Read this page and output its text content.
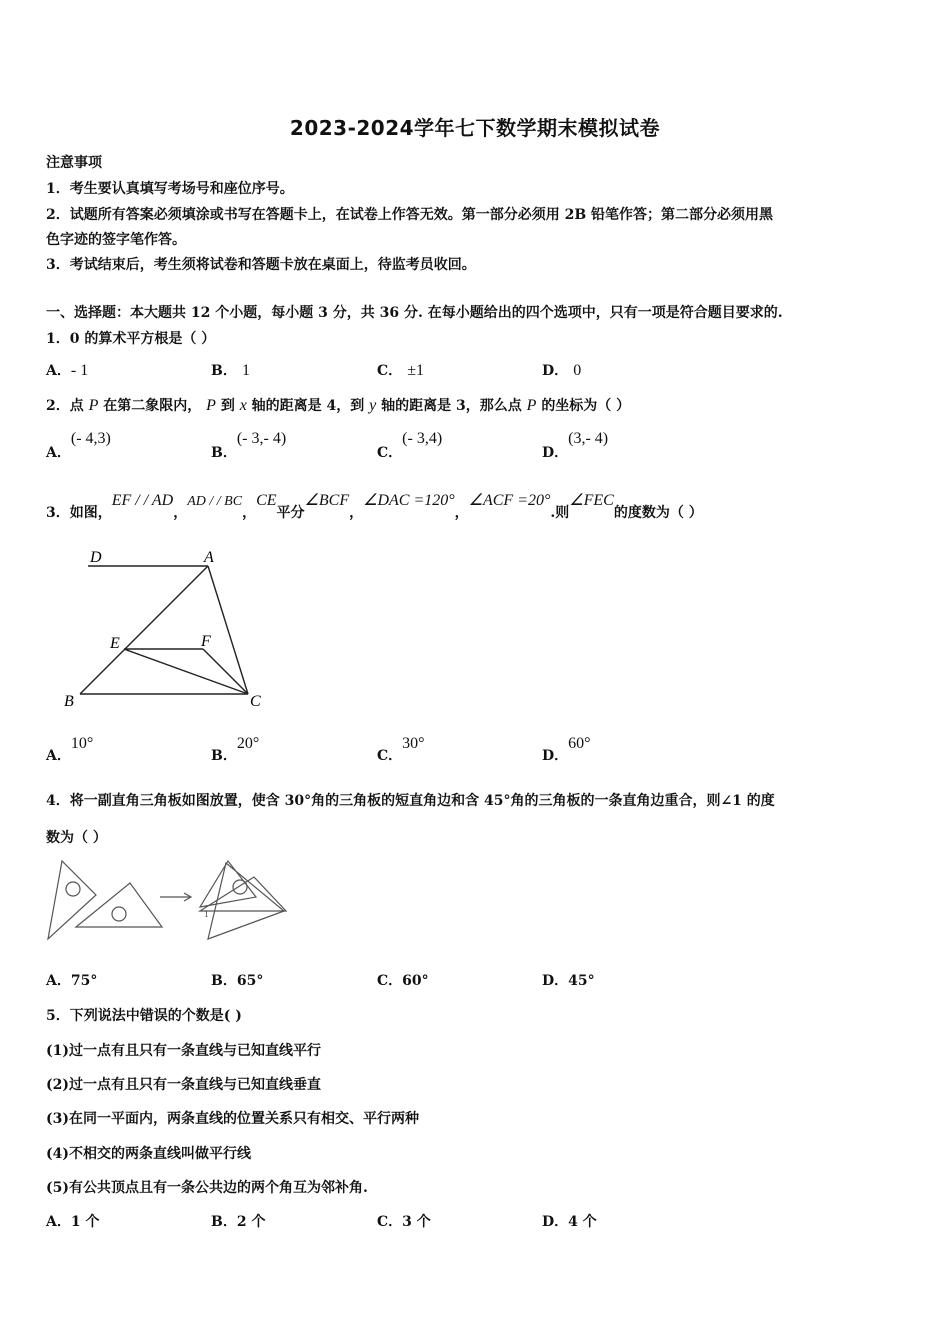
2023-2024学年七下数学期末模拟试卷
注意事项
1．考生要认真填写考场号和座位序号。
2．试题所有答案必须填涂或书写在答题卡上，在试卷上作答无效。第一部分必须用 2B 铅笔作答；第二部分必须用黑
色字迹的签字笔作答。
3．考试结束后，考生须将试卷和答题卡放在桌面上，待监考员收回。
一、选择题：本大题共 12 个小题，每小题 3 分，共 36 分. 在每小题给出的四个选项中，只有一项是符合题目要求的.
1．0 的算术平方根是（ ）
A．- 1	B． 1	C． ±1	D． 0
2．点 P 在第二象限内， P 到 x 轴的距离是 4，到 y 轴的距离是 3，那么点 P 的坐标为（ ）
A．(- 4,3)
B．(- 3,- 4)
C．(- 3,4)
D．(3,- 4)
3．如图，EF / / AD，AD / / BC，CE平分∠BCF，∠DAC =120°，∠ACF =20°.则∠FEC的度数为（ ）
D	A
E	F
B	C
A．10°
B．20°
C．30°
D．60°
4．将一副直角三角板如图放置，使含 30°角的三角板的短直角边和含 45°角的三角板的一条直角边重合，则∠1 的度
数为（ ）
1
A．75°	B．65°	C．60°	D．45°
5．下列说法中错误的个数是( )
(1)过一点有且只有一条直线与已知直线平行
(2)过一点有且只有一条直线与已知直线垂直
(3)在同一平面内，两条直线的位置关系只有相交、平行两种
(4)不相交的两条直线叫做平行线
(5)有公共顶点且有一条公共边的两个角互为邻补角.
A．1 个	B．2 个	C．3 个	D．4 个
